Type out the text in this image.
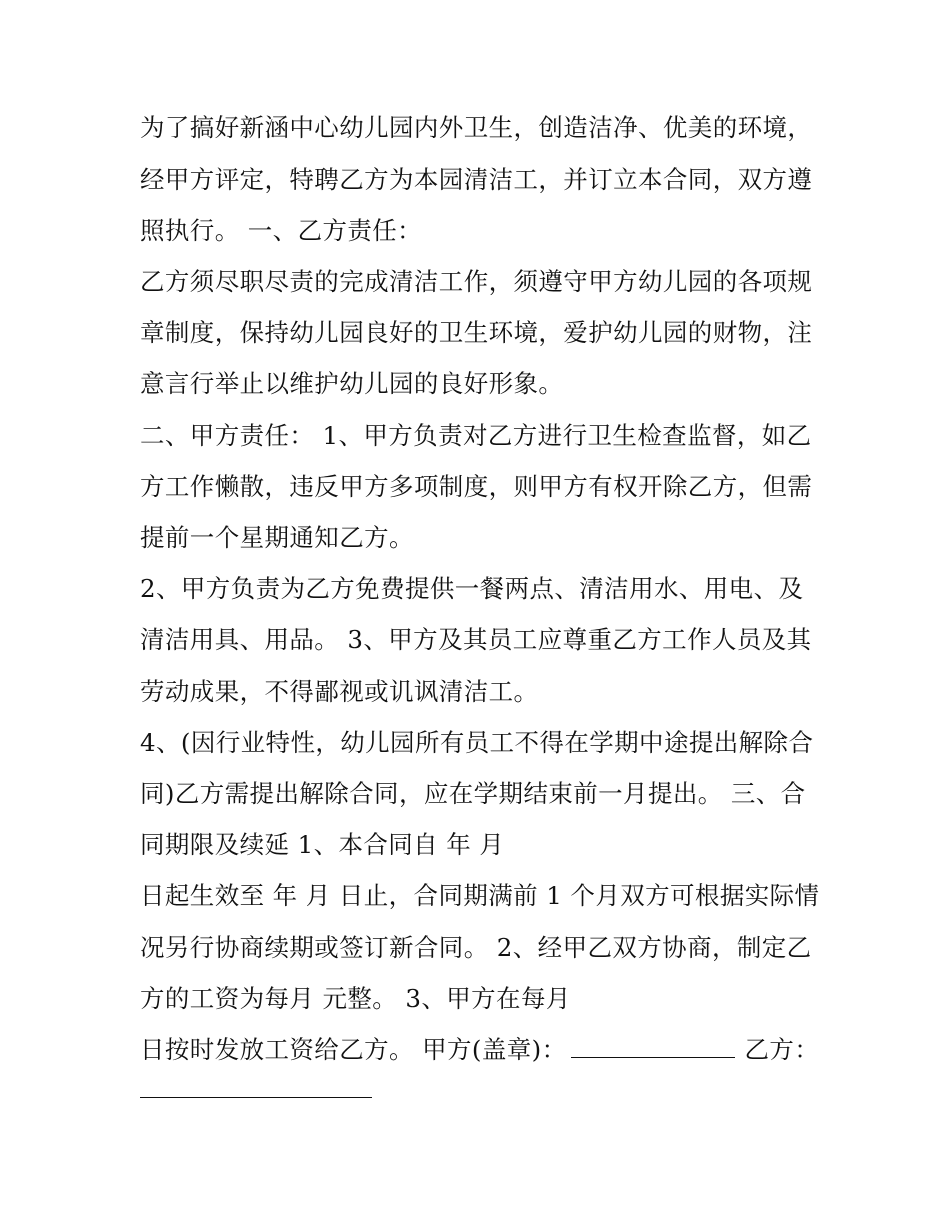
为了搞好新涵中心幼儿园内外卫生，创造洁净、优美的环境，
经甲方评定，特聘乙方为本园清洁工，并订立本合同，双方遵
照执行。 一、乙方责任：
乙方须尽职尽责的完成清洁工作，须遵守甲方幼儿园的各项规
章制度，保持幼儿园良好的卫生环境，爱护幼儿园的财物，注
意言行举止以维护幼儿园的良好形象。
二、甲方责任： 1、甲方负责对乙方进行卫生检查监督，如乙
方工作懒散，违反甲方多项制度，则甲方有权开除乙方，但需
提前一个星期通知乙方。
2、甲方负责为乙方免费提供一餐两点、清洁用水、用电、及
清洁用具、用品。 3、甲方及其员工应尊重乙方工作人员及其
劳动成果，不得鄙视或讥讽清洁工。
4、(因行业特性，幼儿园所有员工不得在学期中途提出解除合
同)乙方需提出解除合同，应在学期结束前一月提出。 三、合
同期限及续延 1、本合同自 年 月
日起生效至 年 月 日止，合同期满前 1 个月双方可根据实际情
况另行协商续期或签订新合同。 2、经甲乙双方协商，制定乙
方的工资为每月 元整。 3、甲方在每月
日按时发放工资给乙方。 甲方(盖章)：	乙方：
